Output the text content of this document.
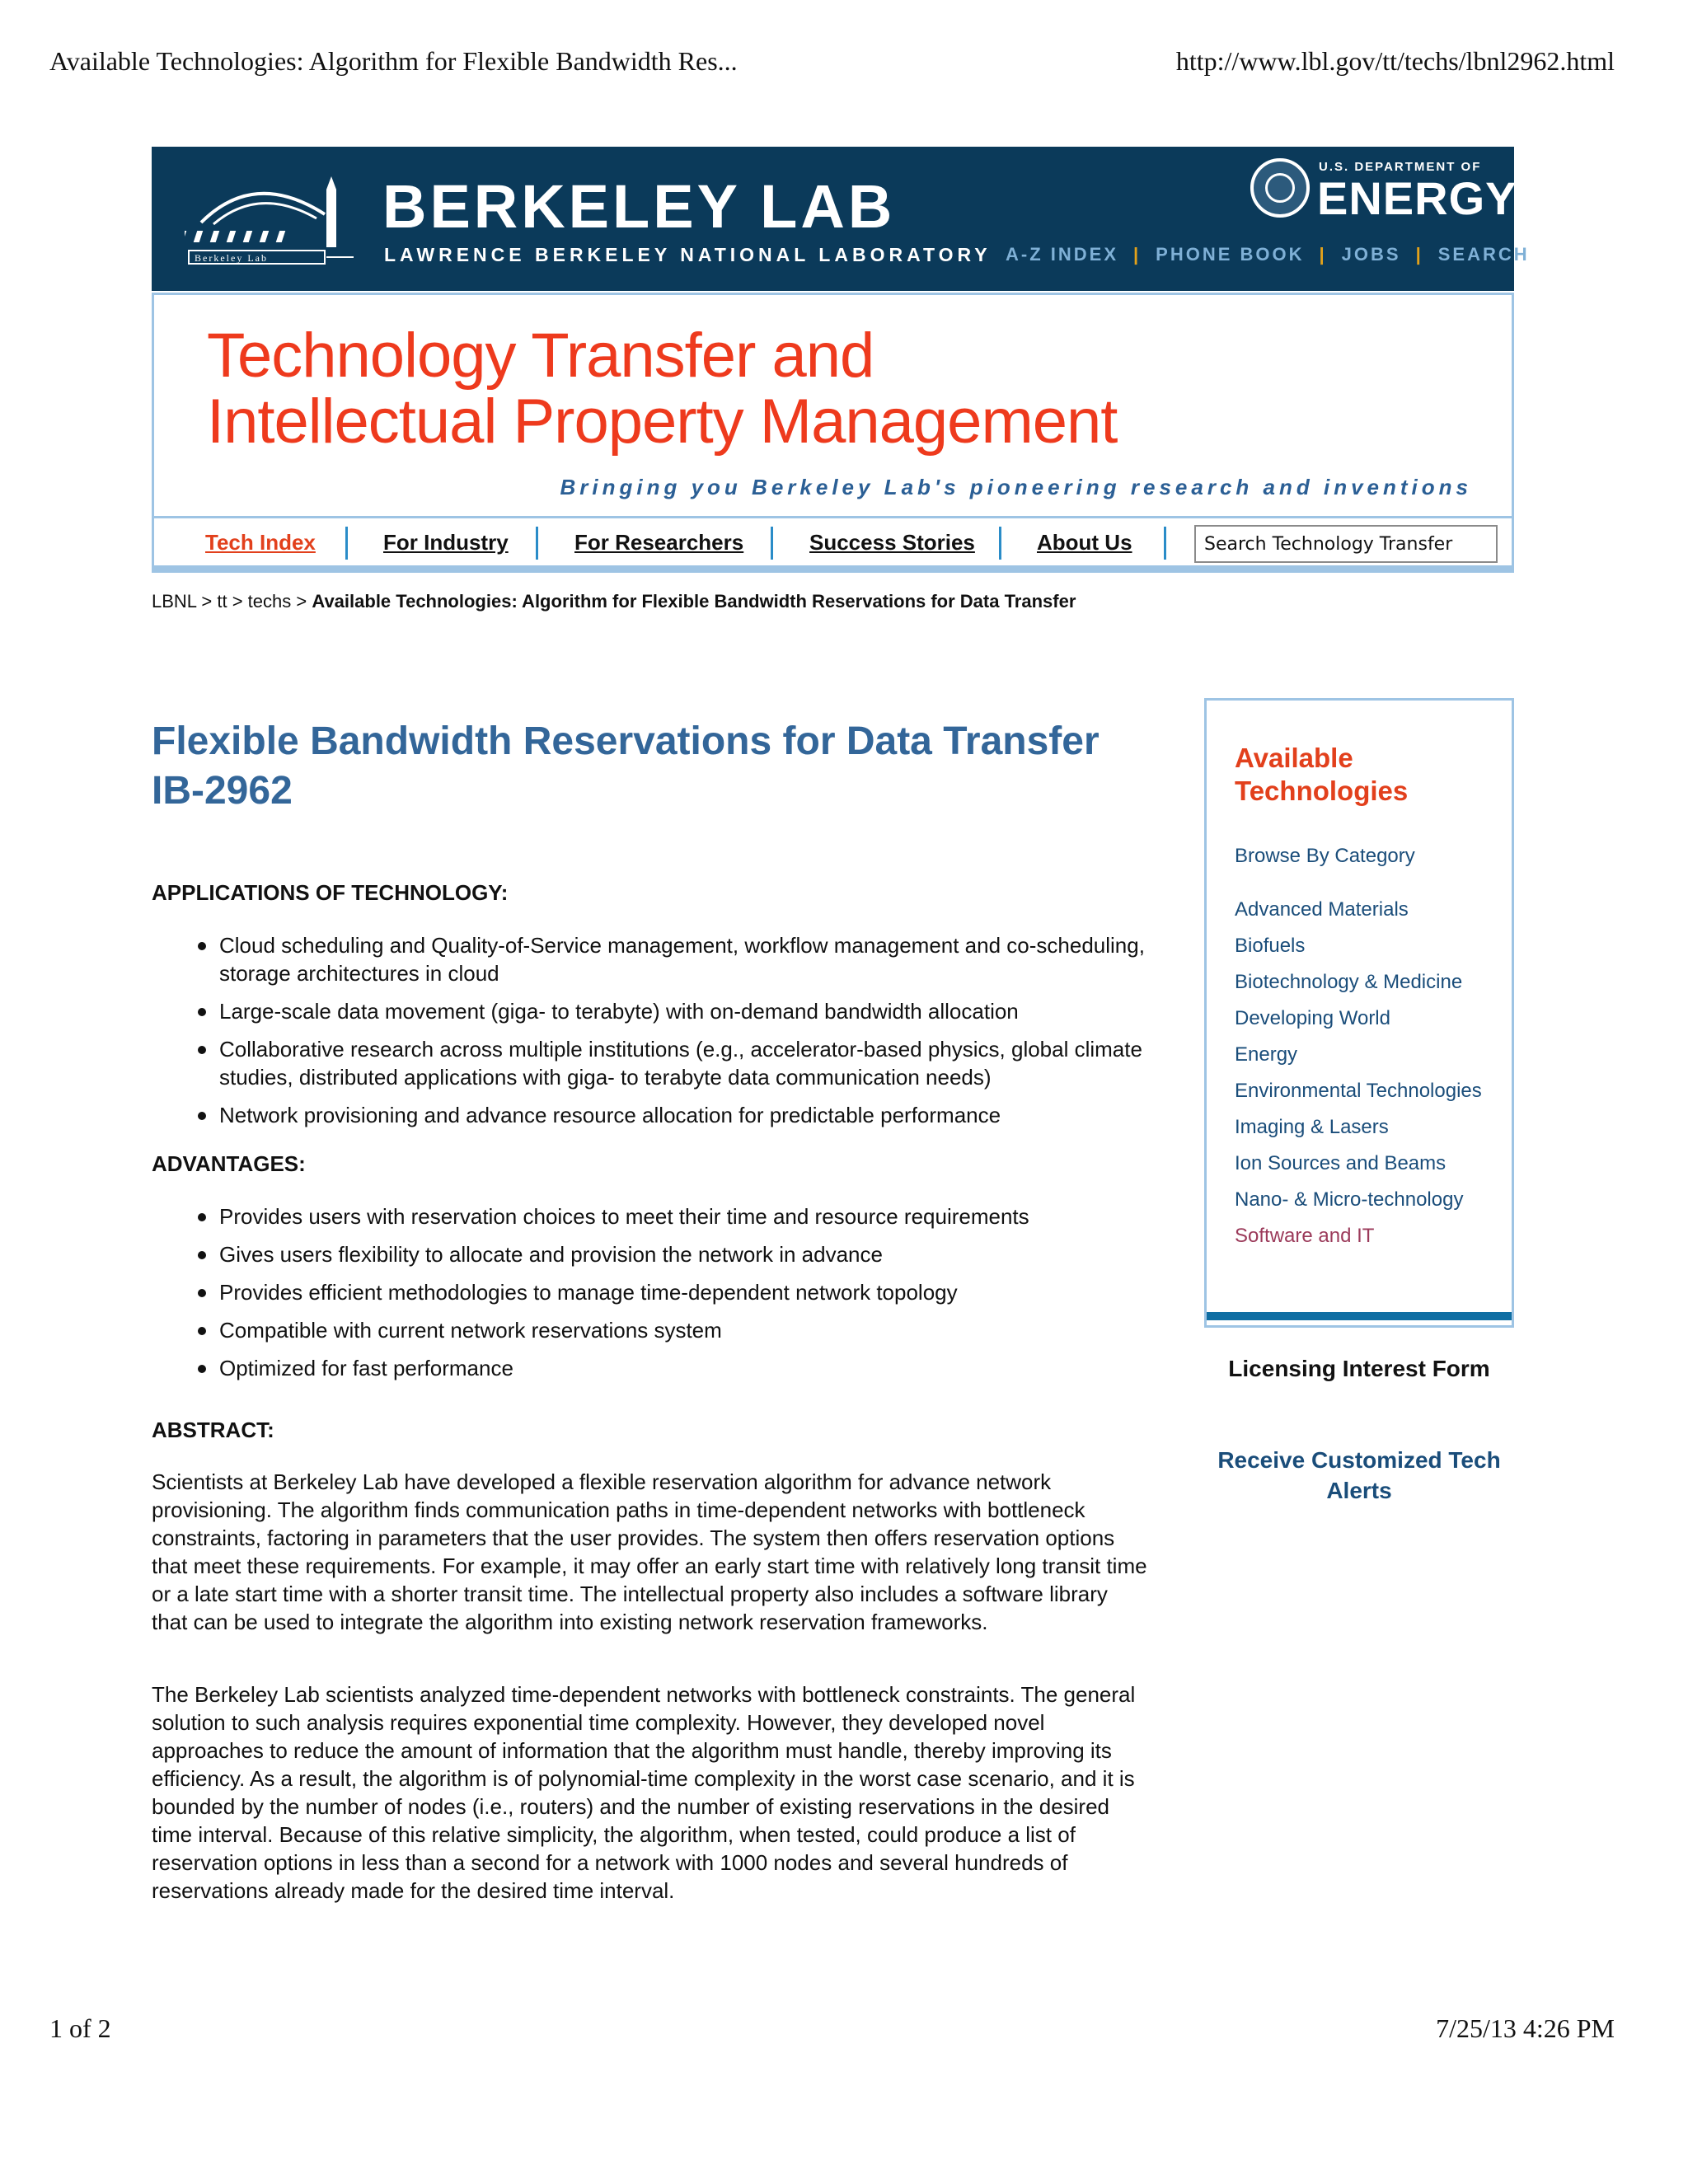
Available Technologies: Algorithm for Flexible Bandwidth Res...	http://www.lbl.gov/tt/techs/lbnl2962.html
Berkeley Lab
BERKELEY LAB
LAWRENCE BERKELEY NATIONAL LABORATORY
U.S. DEPARTMENT OF
ENERGY
A-Z INDEX | PHONE BOOK | JOBS | SEARCH
Technology Transfer and
Intellectual Property Management
Bringing you Berkeley Lab's pioneering research and inventions
Tech Index	For Industry	For Researchers	Success Stories	About Us
Search Technology Transfer
LBNL > tt > techs > Available Technologies: Algorithm for Flexible Bandwidth Reservations for Data Transfer
Flexible Bandwidth Reservations for Data Transfer
IB-2962
APPLICATIONS OF TECHNOLOGY:
Cloud scheduling and Quality-of-Service management, workflow management and co-scheduling, storage architectures in cloud
Large-scale data movement (giga- to terabyte) with on-demand bandwidth allocation
Collaborative research across multiple institutions (e.g., accelerator-based physics, global climate studies, distributed applications with giga- to terabyte data communication needs)
Network provisioning and advance resource allocation for predictable performance
ADVANTAGES:
Provides users with reservation choices to meet their time and resource requirements
Gives users flexibility to allocate and provision the network in advance
Provides efficient methodologies to manage time-dependent network topology
Compatible with current network reservations system
Optimized for fast performance
ABSTRACT:

Scientists at Berkeley Lab have developed a flexible reservation algorithm for advance network provisioning. The algorithm finds communication paths in time-dependent networks with bottleneck constraints, factoring in parameters that the user provides. The system then offers reservation options that meet these requirements. For example, it may offer an early start time with relatively long transit time or a late start time with a shorter transit time. The intellectual property also includes a software library that can be used to integrate the algorithm into existing network reservation frameworks.

The Berkeley Lab scientists analyzed time-dependent networks with bottleneck constraints. The general solution to such analysis requires exponential time complexity. However, they developed novel approaches to reduce the amount of information that the algorithm must handle, thereby improving its efficiency. As a result, the algorithm is of polynomial-time complexity in the worst case scenario, and it is bounded by the number of nodes (i.e., routers) and the number of existing reservations in the desired time interval. Because of this relative simplicity, the algorithm, when tested, could produce a list of reservation options in less than a second for a network with 1000 nodes and several hundreds of reservations already made for the desired time interval.

Available
Technologies
Browse By Category
Advanced Materials
Biofuels
Biotechnology & Medicine
Developing World
Energy
Environmental Technologies
Imaging & Lasers
Ion Sources and Beams
Nano- & Micro-technology
Software and IT
Licensing Interest Form
Receive Customized Tech Alerts
1 of 2	7/25/13 4:26 PM
